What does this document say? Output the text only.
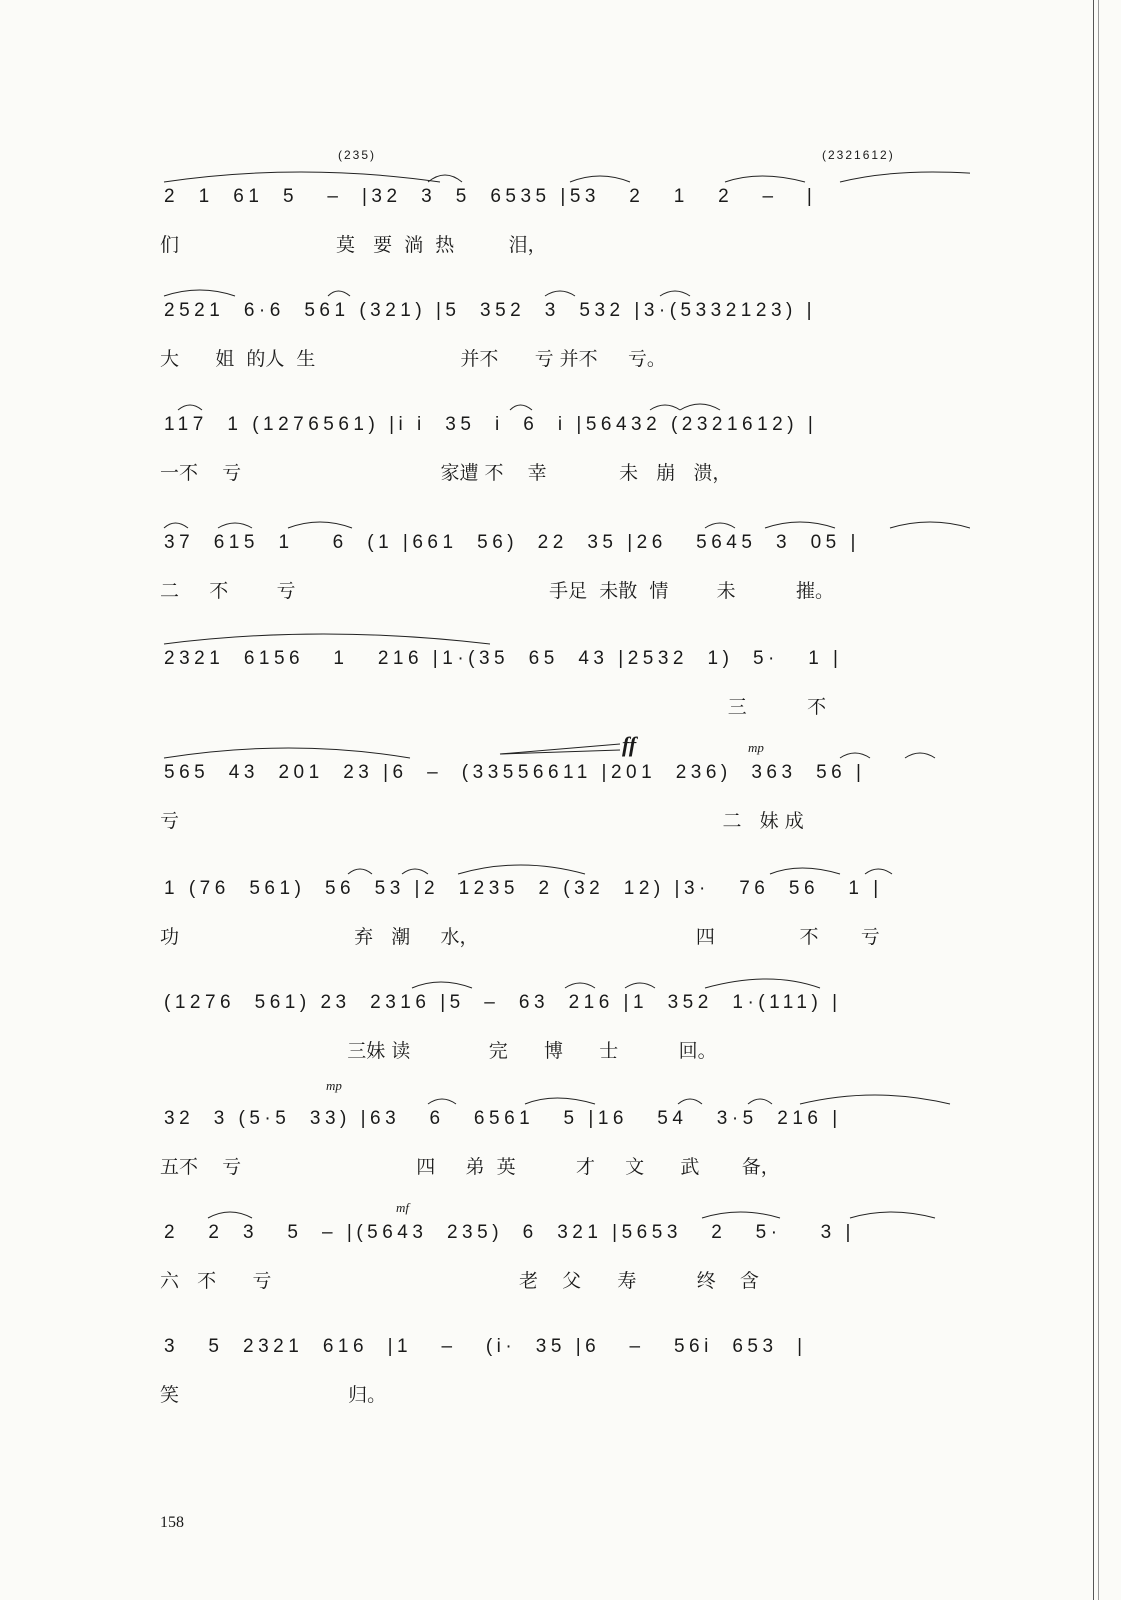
(235)	(2321612)
2  1  61  5   –  |32  3  5  6535 |53   2   1   2   –   |
们                          莫   要  淌  热         泪，
2521  6·6  561 (321) |5  352  3  532 |3·(5332123) |
大      姐  的人  生                        并不      亏 并不     亏。
117  1 (1276561) |i i  35  i  6  i |56432 (2321612) |
一不    亏                                 家遭 不    幸            未   崩   溃，
37  615  1    6  (1 |661  56)  22  35 |26   5645  3  05 |
二     不        亏                                          手足  未散  情        未          摧。
2321  6156   1   216 |1·(35  65  43 |2532  1)  5·   1 |
三          不
ff	mp
565  43  201  23 |6  –  (33556611 |201  236)  363  56 |
亏                                                                                          二   妹 成
1 (76  561)  56  53 |2  1235  2 (32  12) |3·   76  56   1 |
功                             弃   潮     水，                                    四              不       亏
(1276  561) 23  2316 |5  –  63  216 |1  352  1·(111) |
三妹 读             完      博      士          回。
mp
32  3 (5·5  33) |63   6   6561   5 |16   54   3·5  216 |
五不    亏                             四     弟  英          才     文      武       备，
mf
2   2  3   5  – |(5643  235)  6  321 |5653   2   5·    3 |
六   不      亏                                         老    父      寿          终    含
3   5  2321  616  |1   –   (i·  35 |6   –   56i  653  |
笑                            归。
158
